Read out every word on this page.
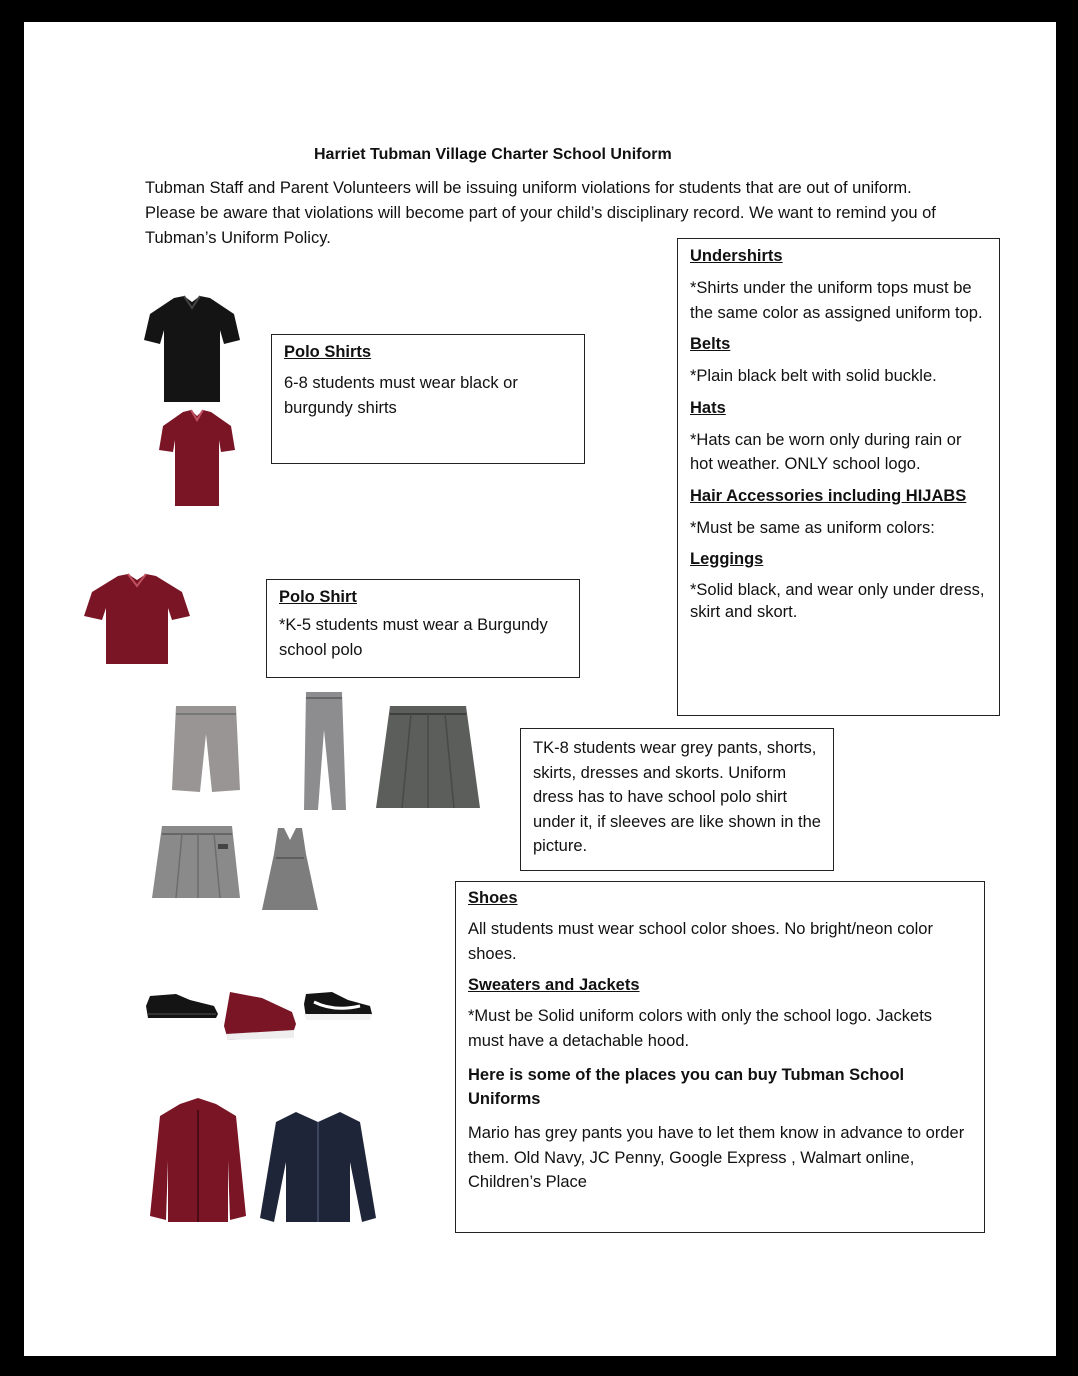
Harriet Tubman Village Charter School Uniform
Tubman Staff and Parent Volunteers will be issuing uniform violations for students that are out of uniform. Please be aware that violations will become part of your child’s disciplinary record. We want to remind you of Tubman’s Uniform Policy.
Polo Shirts
6-8 students must wear black or burgundy shirts
Polo Shirt
*K-5 students must wear a Burgundy school polo
Undershirts
*Shirts under the uniform tops must be the same color as assigned uniform top.
Belts
*Plain black belt with solid buckle.
Hats
*Hats can be worn only during rain or hot weather. ONLY school logo.
Hair Accessories including HIJABS
*Must be same as uniform colors:
Leggings
*Solid black, and wear only under dress, skirt and skort.
TK-8 students wear grey pants, shorts, skirts, dresses and skorts. Uniform dress has to have school polo shirt under it, if sleeves are like shown in the picture.
Shoes
All students must wear school color shoes. No bright/neon color shoes.
Sweaters and Jackets
*Must be Solid uniform colors with only the school logo. Jackets must have a detachable hood.
Here is some of the places you can buy Tubman School Uniforms
Mario has grey pants you have to let them know in advance to order them. Old Navy, JC Penny, Google Express , Walmart online, Children’s Place
